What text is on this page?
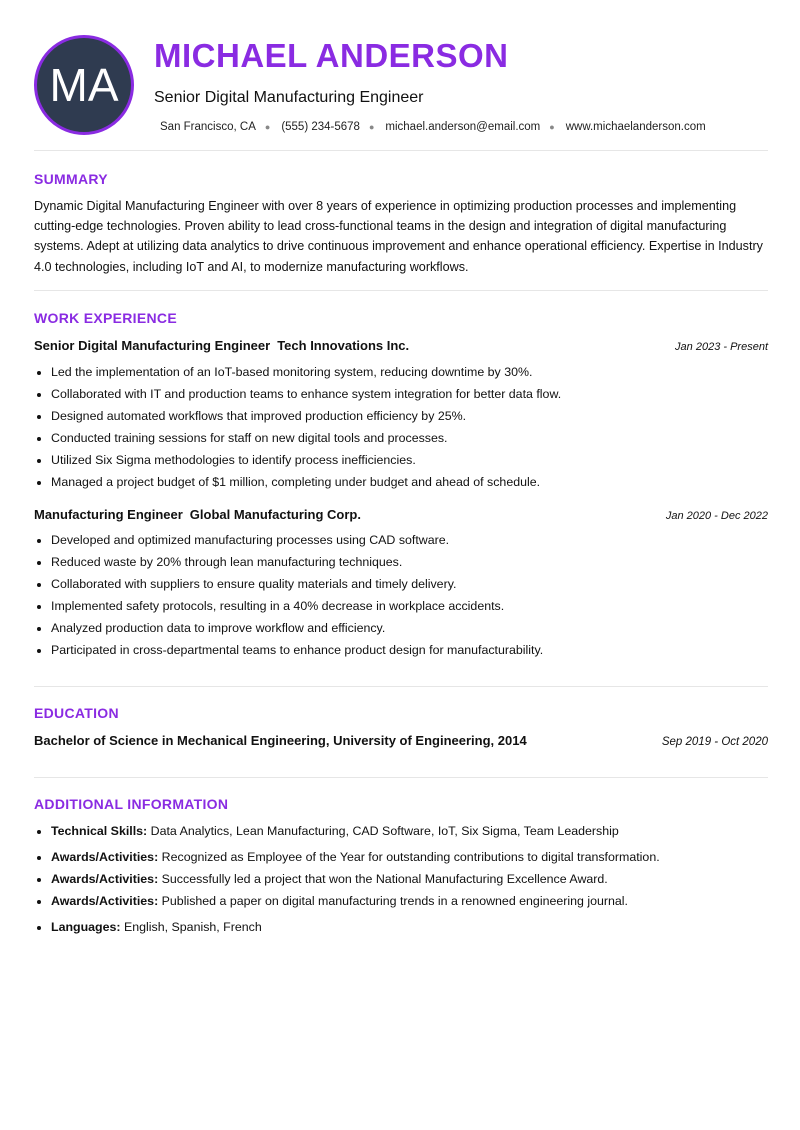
MA
MICHAEL ANDERSON
Senior Digital Manufacturing Engineer
San Francisco, CA ● (555) 234-5678 ● michael.anderson@email.com ● www.michaelanderson.com
SUMMARY

Dynamic Digital Manufacturing Engineer with over 8 years of experience in optimizing production processes and implementing cutting-edge technologies. Proven ability to lead cross-functional teams in the design and integration of digital manufacturing systems. Adept at utilizing data analytics to drive continuous improvement and enhance operational efficiency. Expertise in Industry 4.0 technologies, including IoT and AI, to modernize manufacturing workflows.

WORK EXPERIENCE
Senior Digital Manufacturing Engineer Tech Innovations Inc.	Jan 2023 - Present
• Led the implementation of an IoT-based monitoring system, reducing downtime by 30%.
• Collaborated with IT and production teams to enhance system integration for better data flow.
• Designed automated workflows that improved production efficiency by 25%.
• Conducted training sessions for staff on new digital tools and processes.
• Utilized Six Sigma methodologies to identify process inefficiencies.
• Managed a project budget of $1 million, completing under budget and ahead of schedule.
Manufacturing Engineer Global Manufacturing Corp.	Jan 2020 - Dec 2022
• Developed and optimized manufacturing processes using CAD software.
• Reduced waste by 20% through lean manufacturing techniques.
• Collaborated with suppliers to ensure quality materials and timely delivery.
• Implemented safety protocols, resulting in a 40% decrease in workplace accidents.
• Analyzed production data to improve workflow and efficiency.
• Participated in cross-departmental teams to enhance product design for manufacturability.
EDUCATION
Bachelor of Science in Mechanical Engineering, University of Engineering, 2014	Sep 2019 - Oct 2020
ADDITIONAL INFORMATION
• Technical Skills: Data Analytics, Lean Manufacturing, CAD Software, IoT, Six Sigma, Team Leadership
• Awards/Activities: Recognized as Employee of the Year for outstanding contributions to digital transformation.
• Awards/Activities: Successfully led a project that won the National Manufacturing Excellence Award.
• Awards/Activities: Published a paper on digital manufacturing trends in a renowned engineering journal.
• Languages: English, Spanish, French
